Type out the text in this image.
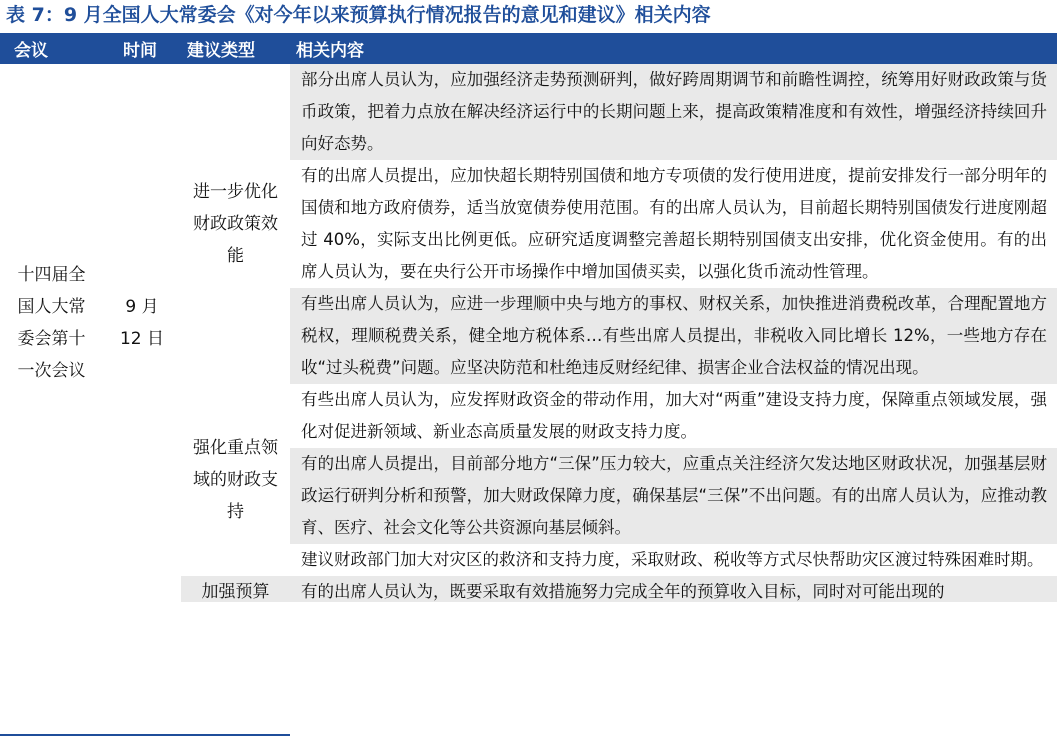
表 7：9 月全国人大常委会《对今年以来预算执行情况报告的意见和建议》相关内容
会议	时间	建议类型	相关内容
十四届全国人大常委会第十一次会议	9 月 12 日	进一步优化财政政策效能	部分出席人员认为，应加强经济走势预测研判，做好跨周期调节和前瞻性调控，统筹用好财政政策与货币政策，把着力点放在解决经济运行中的长期问题上来，提高政策精准度和有效性，增强经济持续回升向好态势。
			有的出席人员提出，应加快超长期特别国债和地方专项债的发行使用进度，提前安排发行一部分明年的国债和地方政府债券，适当放宽债券使用范围。有的出席人员认为，目前超长期特别国债发行进度刚超过 40%，实际支出比例更低。应研究适度调整完善超长期特别国债支出安排，优化资金使用。有的出席人员认为，要在央行公开市场操作中增加国债买卖，以强化货币流动性管理。
			有些出席人员认为，应进一步理顺中央与地方的事权、财权关系，加快推进消费税改革，合理配置地方税权，理顺税费关系，健全地方税体系…有些出席人员提出，非税收入同比增长 12%，一些地方存在收“过头税费”问题。应坚决防范和杜绝违反财经纪律、损害企业合法权益的情况出现。
		强化重点领域的财政支持	有些出席人员认为，应发挥财政资金的带动作用，加大对“两重”建设支持力度，保障重点领域发展，强化对促进新领域、新业态高质量发展的财政支持力度。
			有的出席人员提出，目前部分地方“三保”压力较大，应重点关注经济欠发达地区财政状况，加强基层财政运行研判分析和预警，加大财政保障力度，确保基层“三保”不出问题。有的出席人员认为，应推动教育、医疗、社会文化等公共资源向基层倾斜。
			建议财政部门加大对灾区的救济和支持力度，采取财政、税收等方式尽快帮助灾区渡过特殊困难时期。

		加强预算	有的出席人员认为，既要采取有效措施努力完成全年的预算收入目标，同时对可能出现的
